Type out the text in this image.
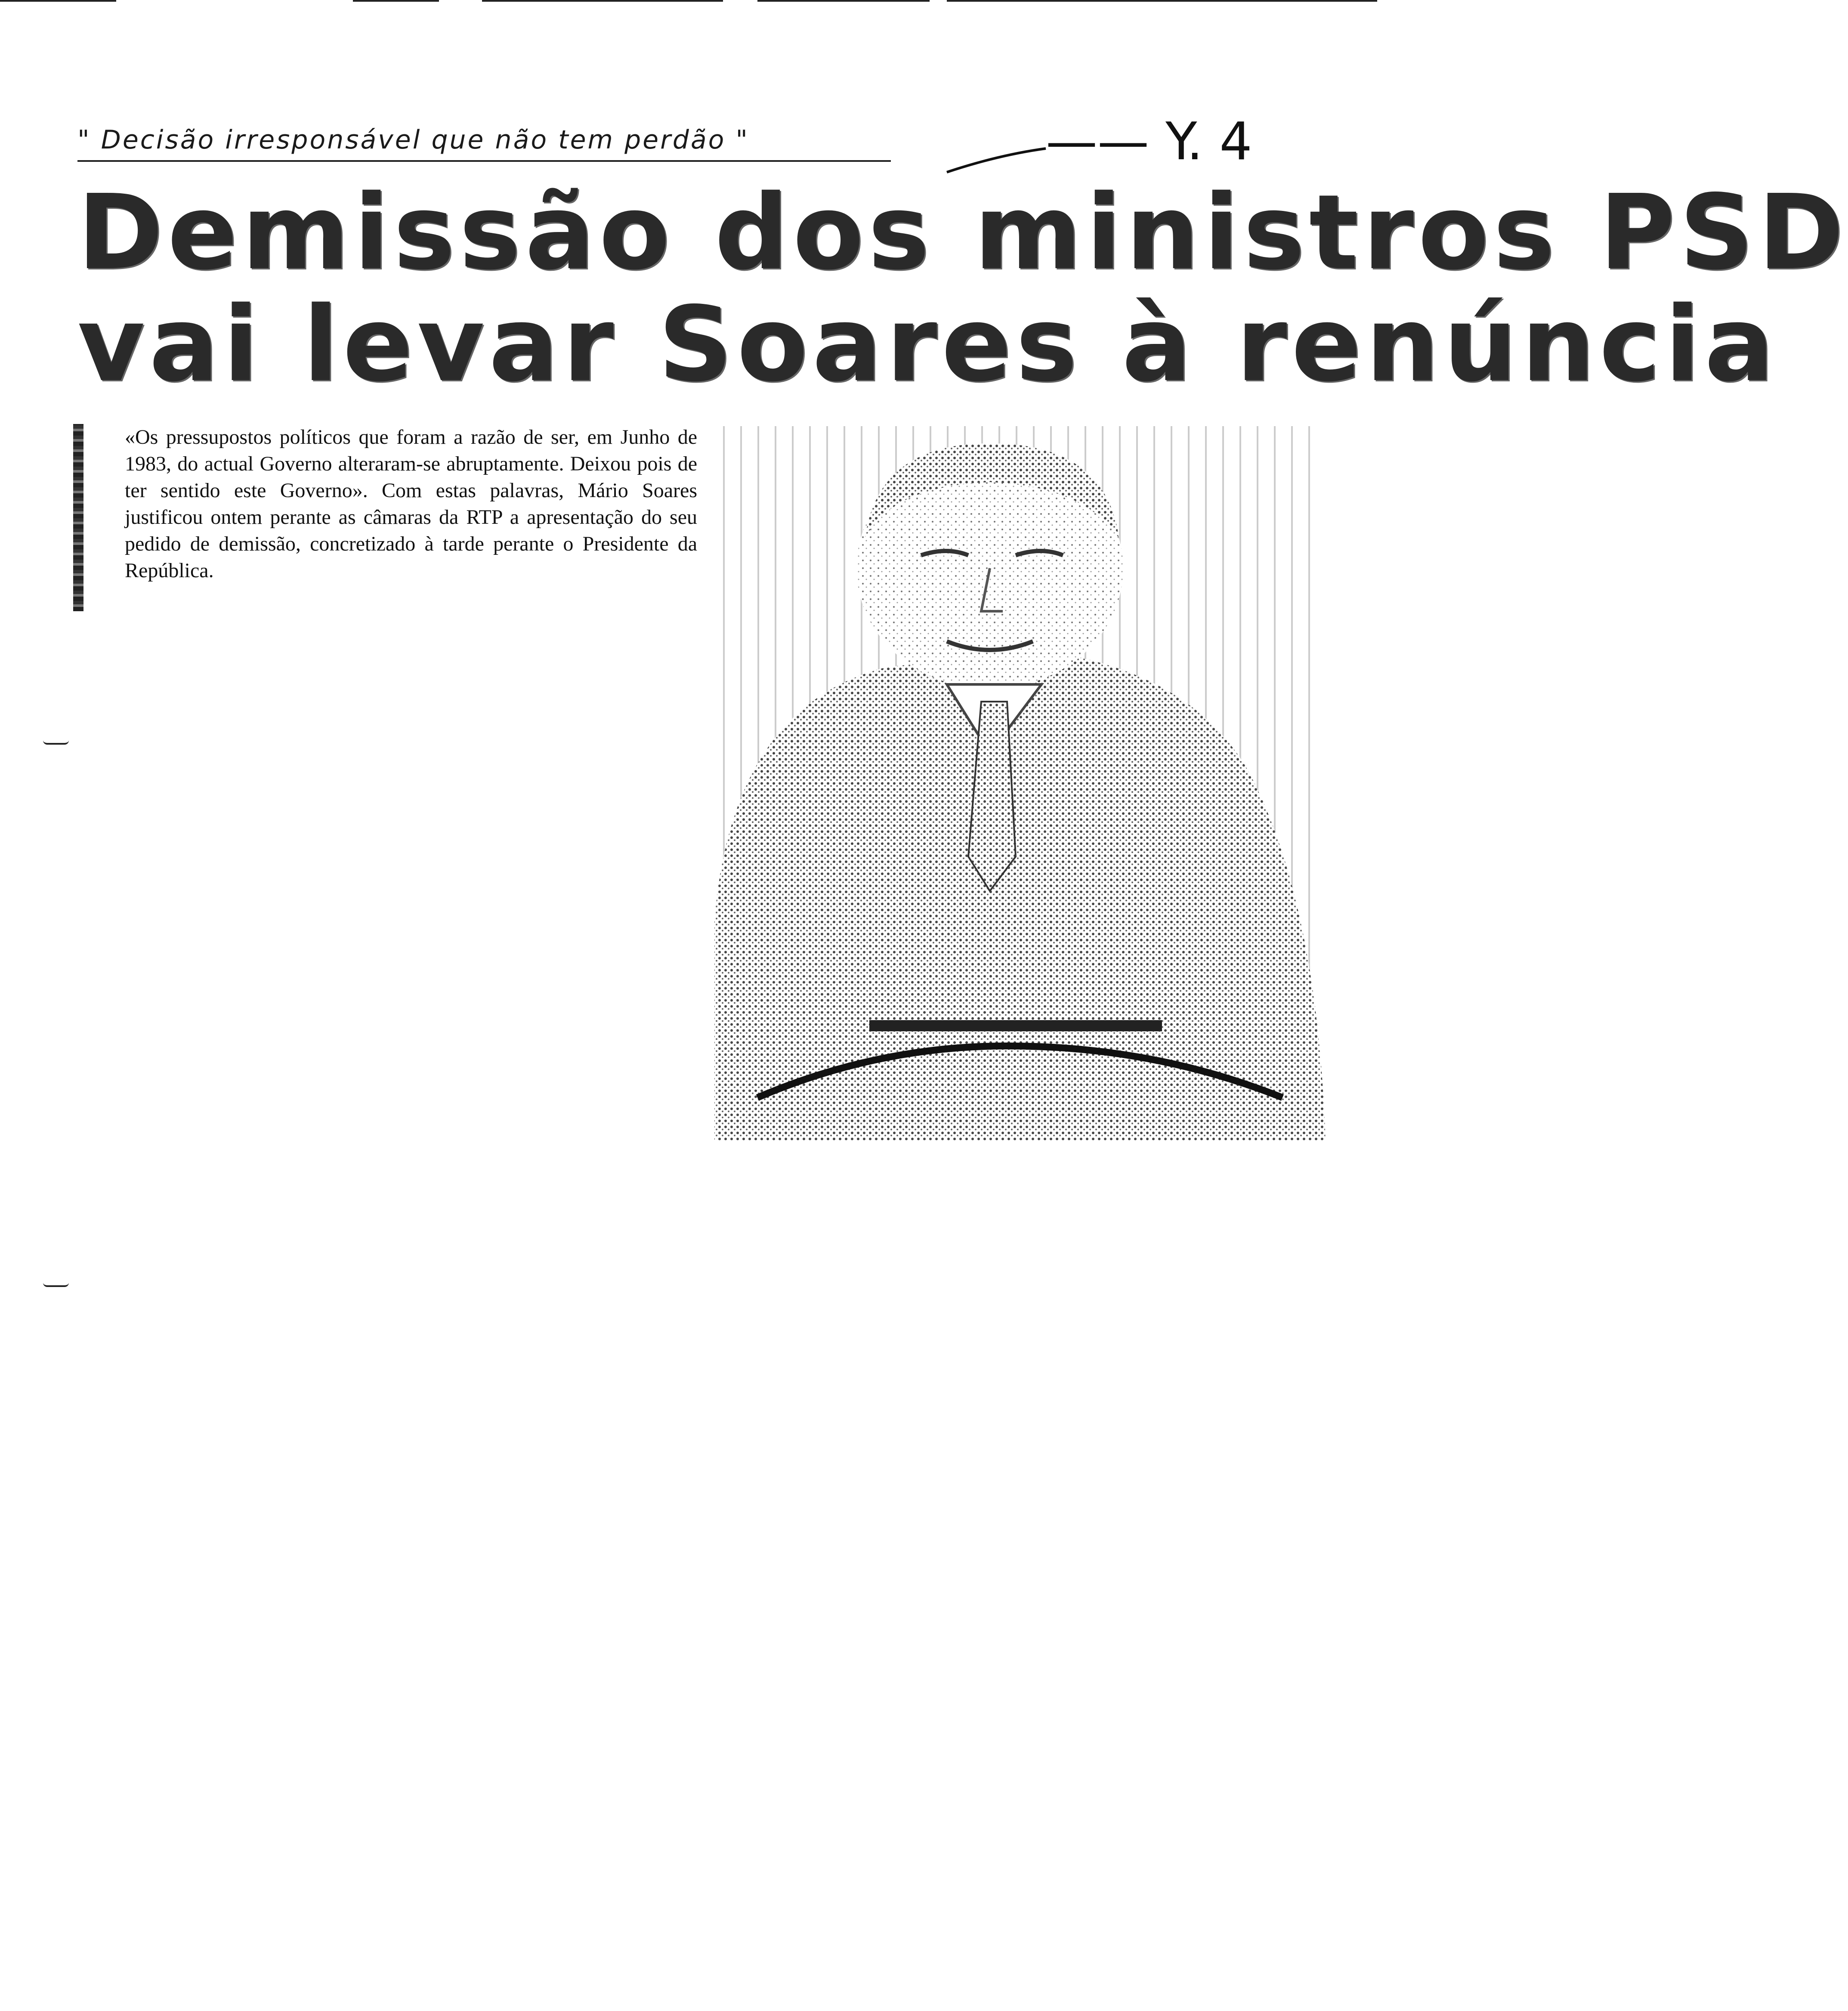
" Decisão irresponsável que não tem perdão "	—— Y. 4
Demissão dos ministros PSD
vai levar Soares à renúncia
«Os pressupostos políticos que foram a razão de ser, em Junho de 1983, do actual Governo alteraram-se abruptamente. Deixou pois de ter sentido este Governo». Com estas palavras, Mário Soares justificou ontem perante as câmaras da RTP a apresentação do seu pedido de demissão, concretizado à tarde perante o Presidente da República.
